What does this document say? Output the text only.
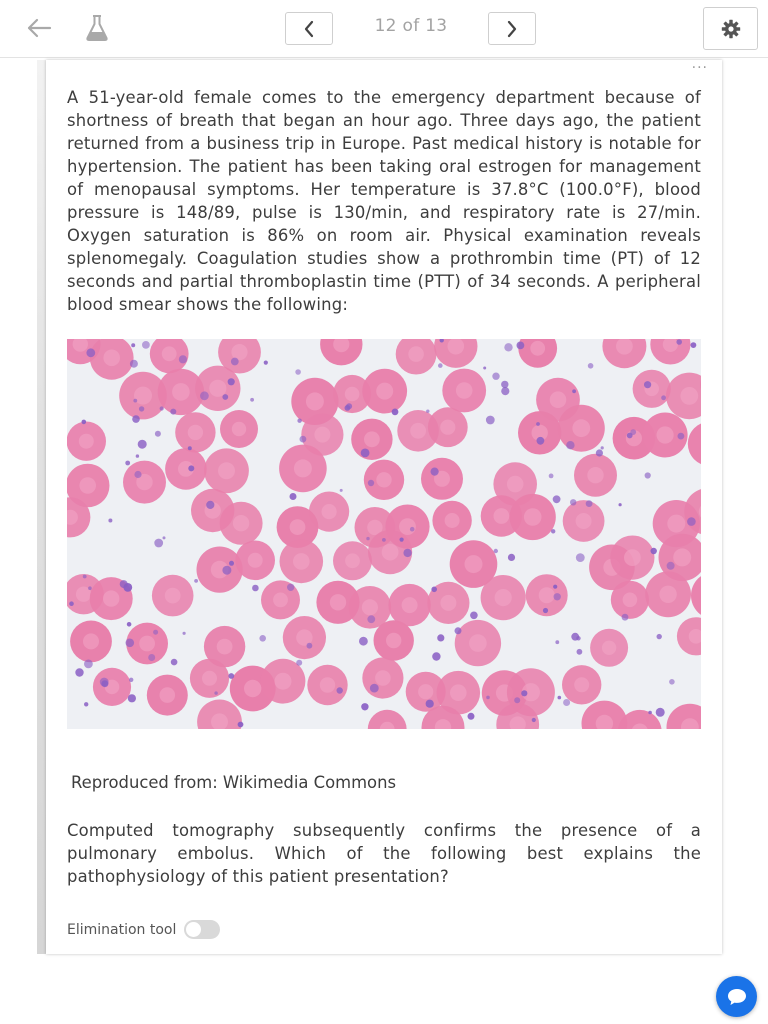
12 of 13
···

A 51-year-old female comes to the emergency department because of shortness of breath that began an hour ago. Three days ago, the patient returned from a business trip in Europe. Past medical history is notable for hypertension. The patient has been taking oral estrogen for management of menopausal symptoms. Her temperature is 37.8°C (100.0°F), blood pressure is 148/89, pulse is 130/min, and respiratory rate is 27/min. Oxygen saturation is 86% on room air. Physical examination reveals splenomegaly. Coagulation studies show a prothrombin time (PT) of 12 seconds and partial thromboplastin time (PTT) of 34 seconds. A peripheral blood smear shows the following:

Reproduced from: Wikimedia Commons

Computed tomography subsequently confirms the presence of a pulmonary embolus. Which of the following best explains the pathophysiology of this patient presentation?

Elimination tool
